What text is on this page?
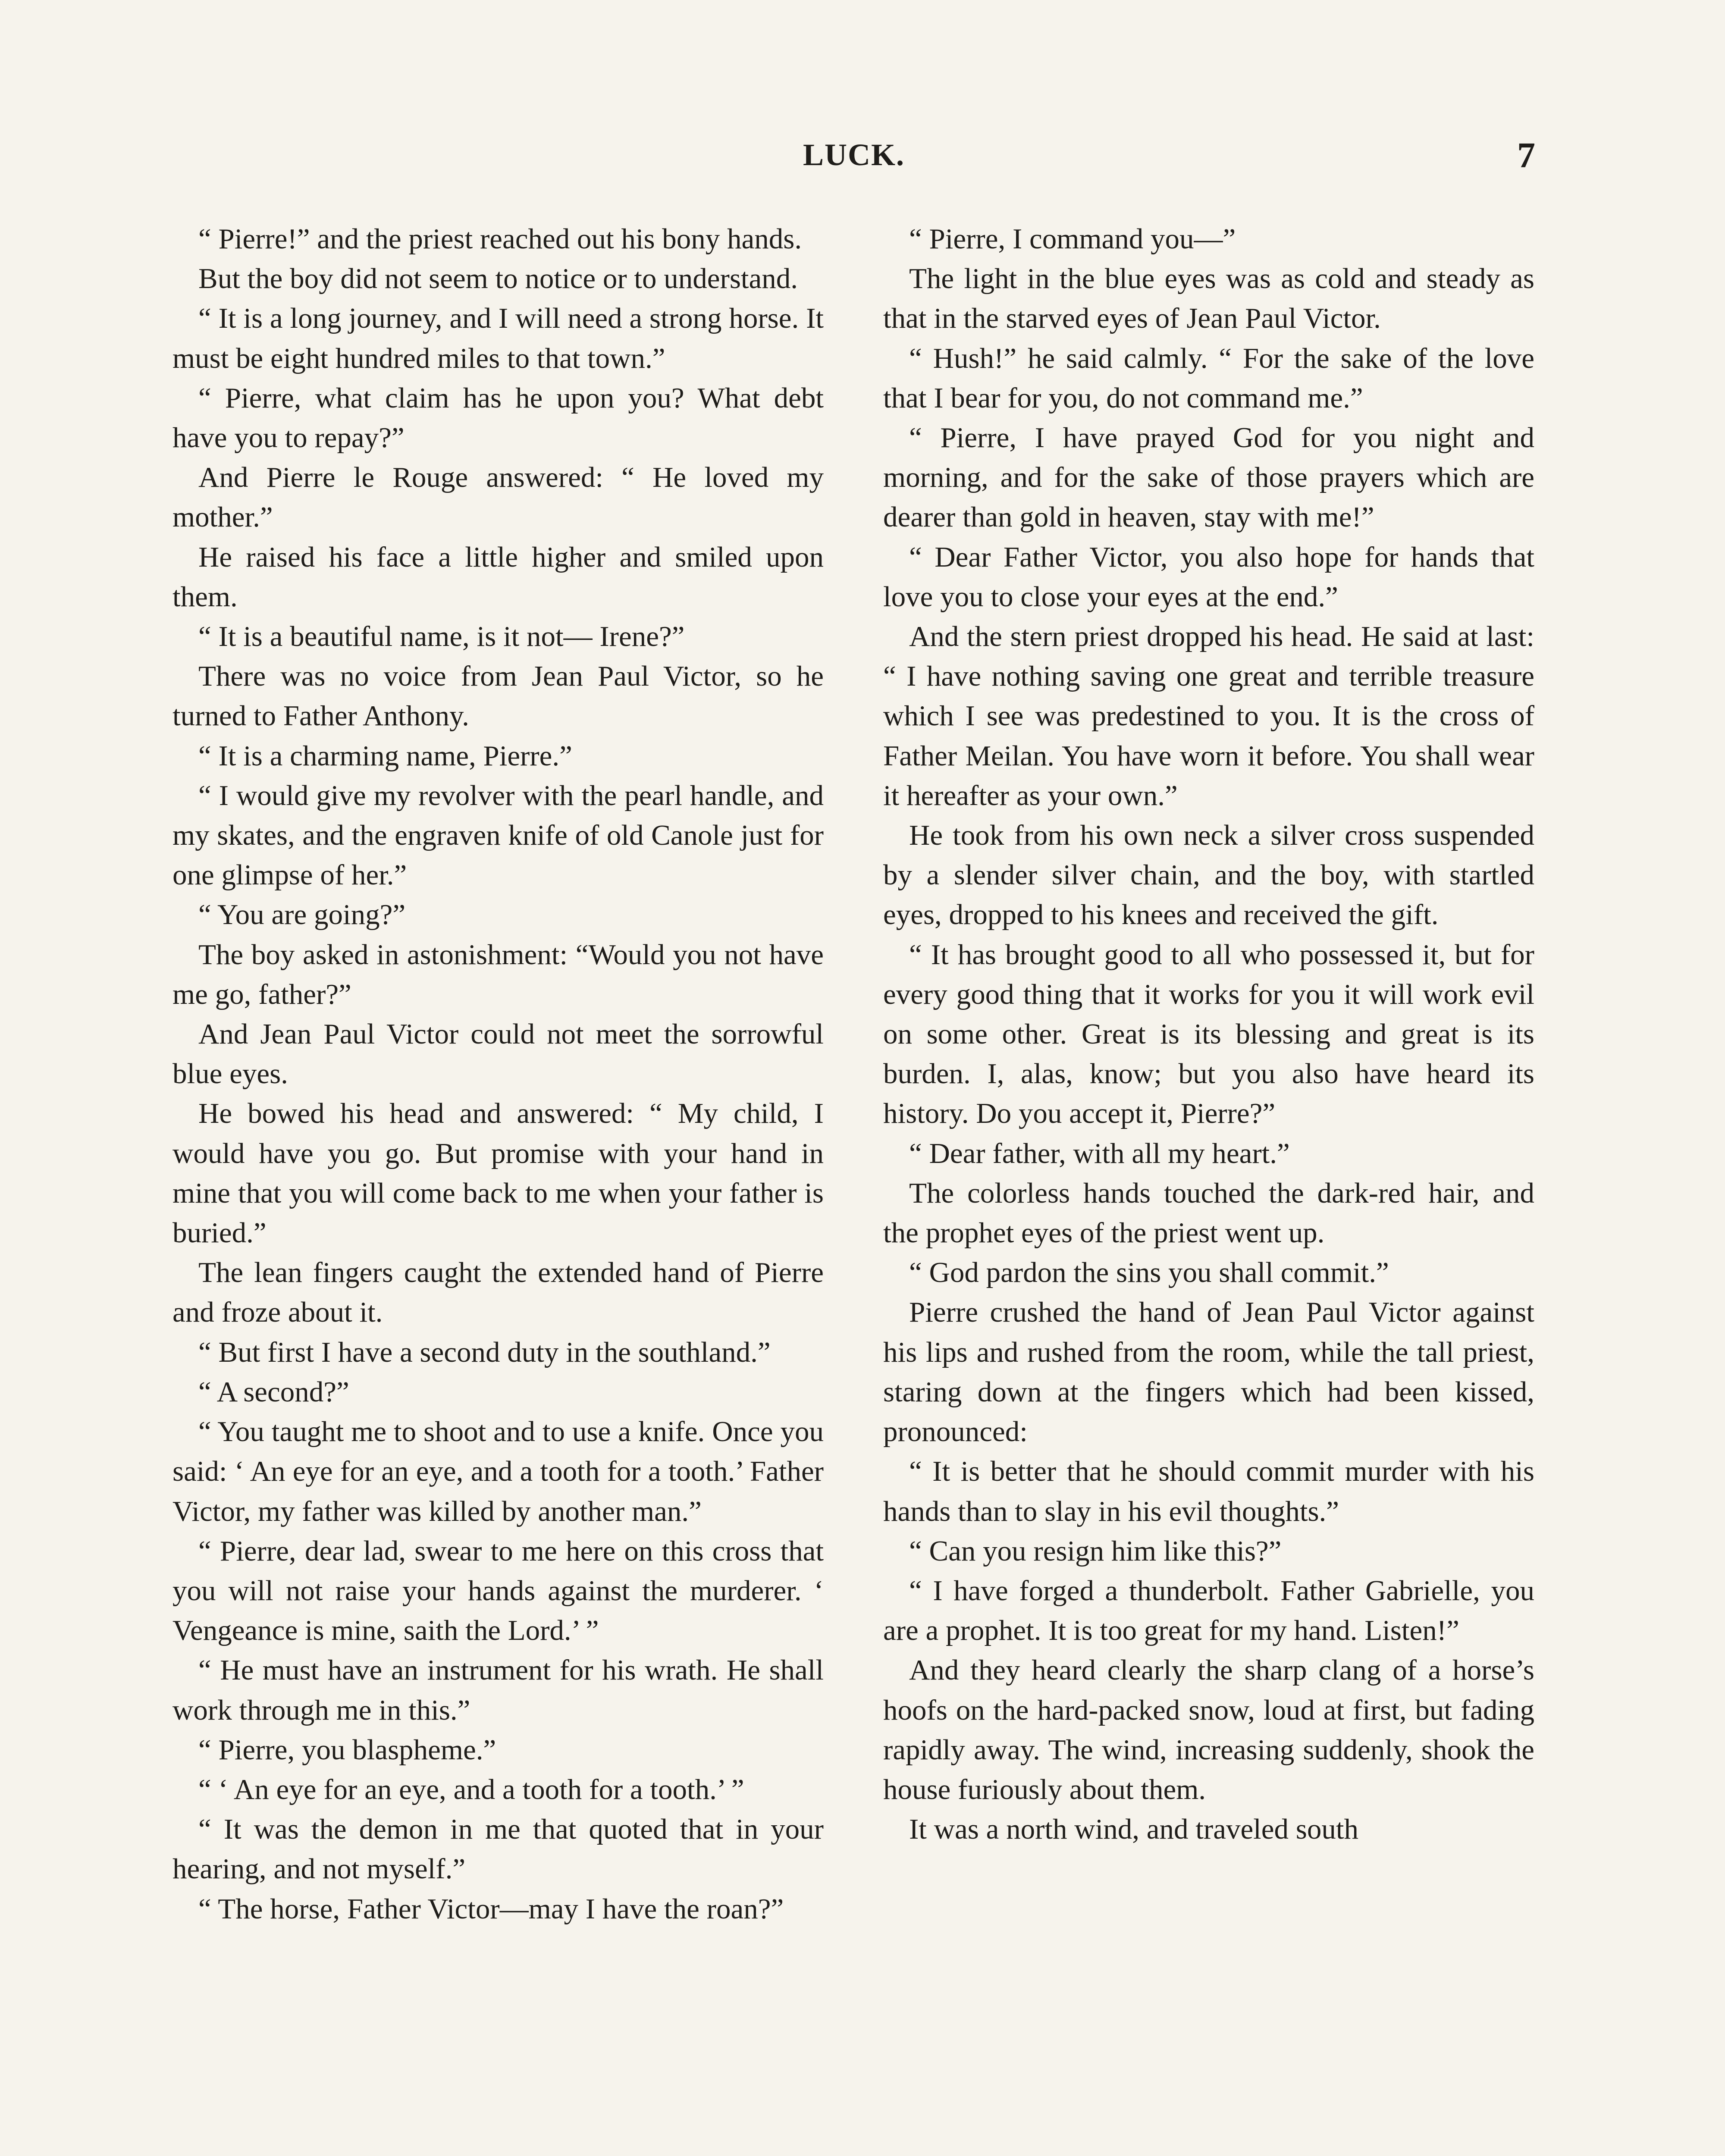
LUCK.	7

“ Pierre!” and the priest reached out his bony hands.

But the boy did not seem to notice or to understand.

“ It is a long journey, and I will need a strong horse. It must be eight hundred miles to that town.”

“ Pierre, what claim has he upon you? What debt have you to repay?”

And Pierre le Rouge answered: “ He loved my mother.”

He raised his face a little higher and smiled upon them.

“ It is a beautiful name, is it not— Irene?”

There was no voice from Jean Paul Victor, so he turned to Father Anthony.

“ It is a charming name, Pierre.”

“ I would give my revolver with the pearl handle, and my skates, and the engraven knife of old Canole just for one glimpse of her.”

“ You are going?”

The boy asked in astonishment: “Would you not have me go, father?”

And Jean Paul Victor could not meet the sorrowful blue eyes.

He bowed his head and answered: “ My child, I would have you go. But promise with your hand in mine that you will come back to me when your father is buried.”

The lean fingers caught the extended hand of Pierre and froze about it.

“ But first I have a second duty in the southland.”

“ A second?”

“ You taught me to shoot and to use a knife. Once you said: ‘ An eye for an eye, and a tooth for a tooth.’ Father Victor, my father was killed by another man.”

“ Pierre, dear lad, swear to me here on this cross that you will not raise your hands against the murderer. ‘ Vengeance is mine, saith the Lord.’ ”

“ He must have an instrument for his wrath. He shall work through me in this.”

“ Pierre, you blaspheme.”

“ ‘ An eye for an eye, and a tooth for a tooth.’ ”

“ It was the demon in me that quoted that in your hearing, and not myself.”

“ The horse, Father Victor—may I have the roan?”

“ Pierre, I command you—”

The light in the blue eyes was as cold and steady as that in the starved eyes of Jean Paul Victor.

“ Hush!” he said calmly. “ For the sake of the love that I bear for you, do not command me.”

“ Pierre, I have prayed God for you night and morning, and for the sake of those prayers which are dearer than gold in heaven, stay with me!”

“ Dear Father Victor, you also hope for hands that love you to close your eyes at the end.”

And the stern priest dropped his head. He said at last: “ I have nothing saving one great and terrible treasure which I see was predestined to you. It is the cross of Father Meilan. You have worn it before. You shall wear it hereafter as your own.”

He took from his own neck a silver cross suspended by a slender silver chain, and the boy, with startled eyes, dropped to his knees and received the gift.

“ It has brought good to all who possessed it, but for every good thing that it works for you it will work evil on some other. Great is its blessing and great is its burden. I, alas, know; but you also have heard its history. Do you accept it, Pierre?”

“ Dear father, with all my heart.”

The colorless hands touched the dark-red hair, and the prophet eyes of the priest went up.

“ God pardon the sins you shall commit.”

Pierre crushed the hand of Jean Paul Victor against his lips and rushed from the room, while the tall priest, staring down at the fingers which had been kissed, pronounced:

“ It is better that he should commit murder with his hands than to slay in his evil thoughts.”

“ Can you resign him like this?”

“ I have forged a thunderbolt. Father Gabrielle, you are a prophet. It is too great for my hand. Listen!”

And they heard clearly the sharp clang of a horse’s hoofs on the hard-packed snow, loud at first, but fading rapidly away. The wind, increasing suddenly, shook the house furiously about them.

It was a north wind, and traveled south
